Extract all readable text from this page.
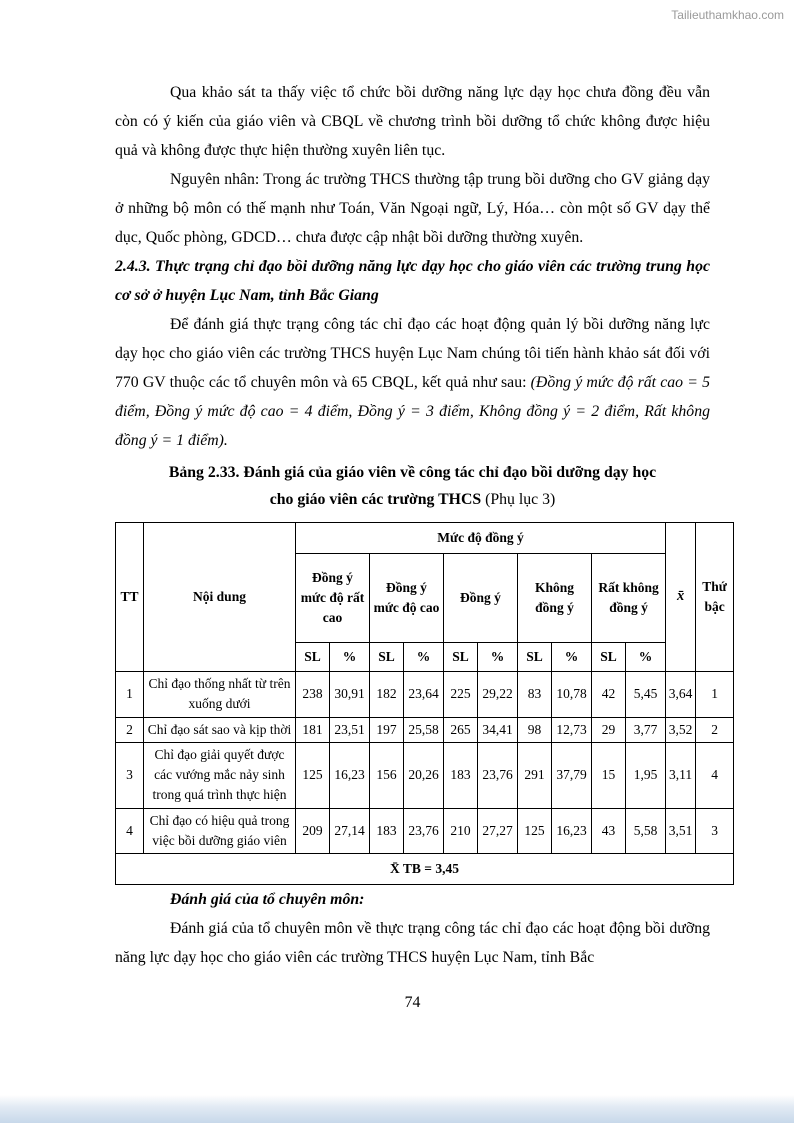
Tailieuthamkhao.com

Qua khảo sát ta thấy việc tổ chức bồi dưỡng năng lực dạy học chưa đồng đều vẫn còn có ý kiến của giáo viên và CBQL về chương trình bồi dưỡng tổ chức không được hiệu quả và không được thực hiện thường xuyên liên tục.

Nguyên nhân: Trong ác trường THCS thường tập trung bồi dưỡng cho GV giảng dạy ở những bộ môn có thế mạnh như Toán, Văn Ngoại ngữ, Lý, Hóa… còn một số GV dạy thể dục, Quốc phòng, GDCD… chưa được cập nhật bồi dưỡng thường xuyên.

2.4.3. Thực trạng chỉ đạo bồi dưỡng năng lực dạy học cho giáo viên các trường trung học cơ sở ở huyện Lục Nam, tỉnh Bắc Giang

Để đánh giá thực trạng công tác chỉ đạo các hoạt động quản lý bồi dưỡng năng lực dạy học cho giáo viên các trường THCS huyện Lục Nam chúng tôi tiến hành khảo sát đối với 770 GV thuộc các tổ chuyên môn và 65 CBQL, kết quả như sau: (Đồng ý mức độ rất cao = 5 điểm, Đồng ý mức độ cao = 4 điểm, Đồng ý = 3 điểm, Không đồng ý = 2 điểm, Rất không đồng ý = 1 điểm).

Bảng 2.33. Đánh giá của giáo viên về công tác chỉ đạo bồi dưỡng dạy học

cho giáo viên các trường THCS (Phụ lục 3)

TT	Nội dung	Mức độ đồng ý										x̄	Thứ bậc
		Đồng ý mức độ rất cao		Đồng ý mức độ cao		Đồng ý		Không đồng ý		Rất không đồng ý			
		SL	%	SL	%	SL	%	SL	%	SL	%		
1	Chỉ đạo thống nhất từ trên xuống dưới	238	30,91	182	23,64	225	29,22	83	10,78	42	5,45	3,64	1
2	Chỉ đạo sát sao và kịp thời	181	23,51	197	25,58	265	34,41	98	12,73	29	3,77	3,52	2
3	Chỉ đạo giải quyết được các vướng mắc nảy sinh trong quá trình thực hiện	125	16,23	156	20,26	183	23,76	291	37,79	15	1,95	3,11	4
4	Chỉ đạo có hiệu quả trong việc bồi dưỡng giáo viên	209	27,14	183	23,76	210	27,27	125	16,23	43	5,58	3,51	3
X̄ TB = 3,45													

Đánh giá của tổ chuyên môn:

Đánh giá của tổ chuyên môn về thực trạng công tác chỉ đạo các hoạt động bồi dưỡng năng lực dạy học cho giáo viên các trường THCS huyện Lục Nam, tỉnh Bắc

74
